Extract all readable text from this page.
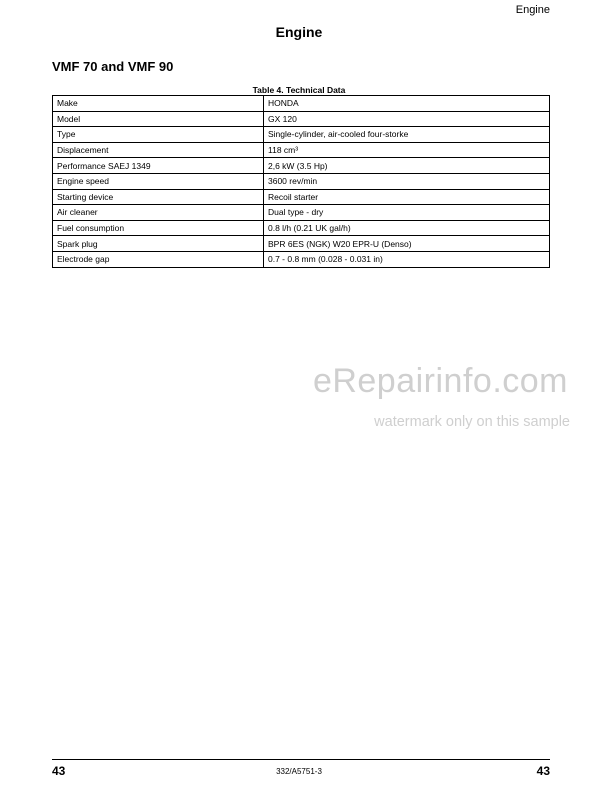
Engine
Engine
VMF 70 and VMF 90
Table 4. Technical Data
Make	HONDA
Model	GX 120
Type	Single-cylinder, air-cooled four-storke
Displacement	118 cm³
Performance SAEJ 1349	2,6 kW (3.5 Hp)
Engine speed	3600 rev/min
Starting device	Recoil starter
Air cleaner	Dual type - dry
Fuel consumption	0.8 l/h (0.21 UK gal/h)
Spark plug	BPR 6ES (NGK) W20 EPR-U (Denso)
Electrode gap	0.7 - 0.8 mm (0.028 - 0.031 in)
eRepairinfo.com
watermark only on this sample
43	332/A5751-3	43
